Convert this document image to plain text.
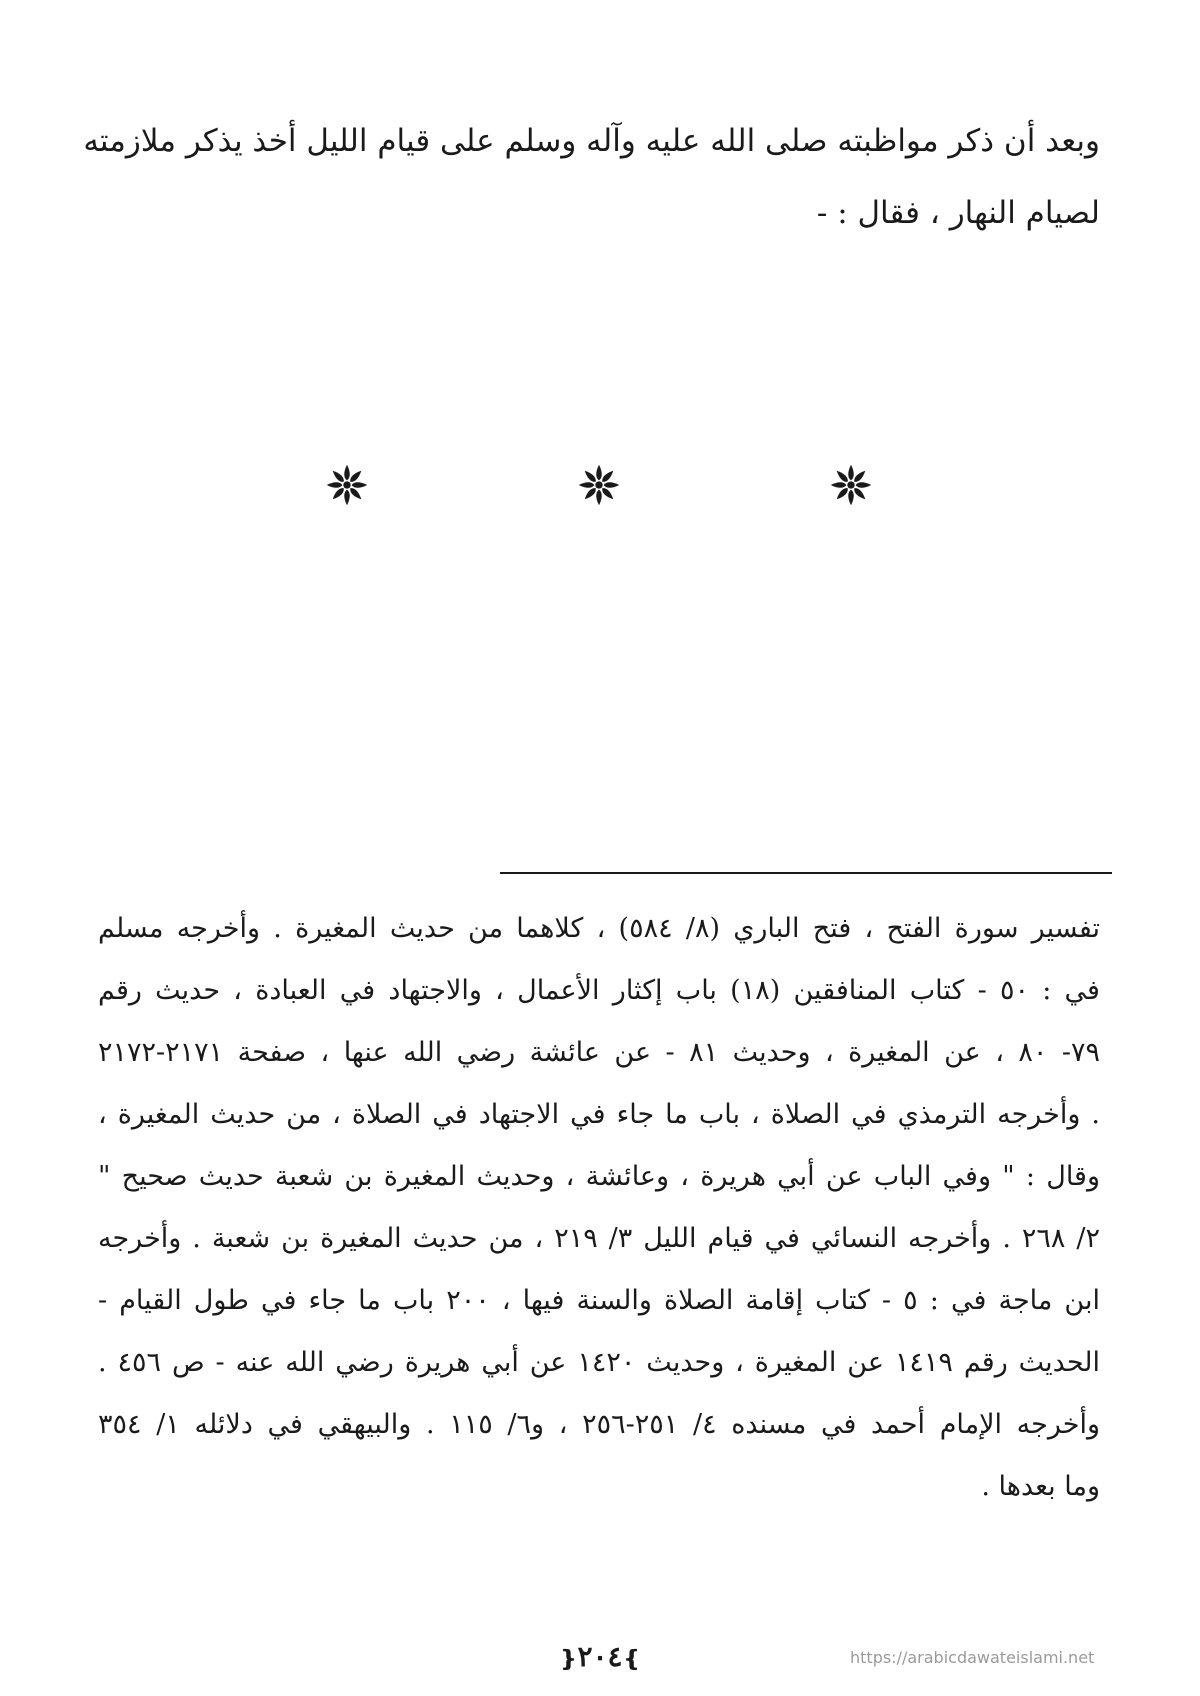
وبعد أن ذكر مواظبته صلى الله عليه وآله وسلم على قيام الليل أخذ يذكر ملازمته
لصيام النهار ، فقال : -
تفسير سورة الفتح ، فتح الباري (٨/ ٥٨٤) ، كلاهما من حديث المغيرة . وأخرجه مسلم
في : ٥٠ - كتاب المنافقين (١٨) باب إكثار الأعمال ، والاجتهاد في العبادة ، حديث رقم
٧٩- ٨٠ ، عن المغيرة ، وحديث ٨١ - عن عائشة رضي الله عنها ، صفحة ٢١٧١-٢١٧٢
. وأخرجه الترمذي في الصلاة ، باب ما جاء في الاجتهاد في الصلاة ، من حديث المغيرة ،
وقال : " وفي الباب عن أبي هريرة ، وعائشة ، وحديث المغيرة بن شعبة حديث صحيح "
٢/ ٢٦٨ . وأخرجه النسائي في قيام الليل ٣/ ٢١٩ ، من حديث المغيرة بن شعبة . وأخرجه
ابن ماجة في : ٥ - كتاب إقامة الصلاة والسنة فيها ، ٢٠٠ باب ما جاء في طول القيام -
الحديث رقم ١٤١٩ عن المغيرة ، وحديث ١٤٢٠ عن أبي هريرة رضي الله عنه - ص ٤٥٦ .
وأخرجه الإمام أحمد في مسنده ٤/ ٢٥١-٢٥٦ ، و٦/ ١١٥ . والبيهقي في دلائله ١/ ٣٥٤
وما بعدها .
❵٢٠٤❴	https://arabicdawateislami.net
